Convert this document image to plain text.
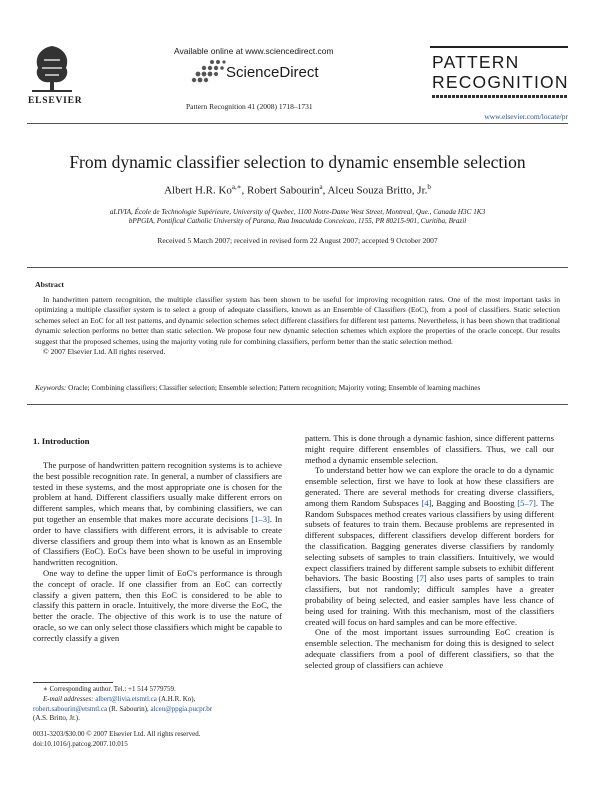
ELSEVIER
Available online at www.sciencedirect.com
ScienceDirect
Pattern Recognition 41 (2008) 1718–1731
PATTERN
RECOGNITION
www.elsevier.com/locate/pr
From dynamic classifier selection to dynamic ensemble selection
Albert H.R. $Ko^{a,∗}$, Robert Sabourin$^a$, Alceu Souza Britto, Jr.$^b$
aLIVIA, École de Technologie Supérieure, University of Quebec, 1100 Notre-Dame West Street, Montreal, Que., Canada H3C 1K3
bPPGIA, Pontifical Catholic University of Parana, Rua Imaculada Conceicao, 1155, PR 80215-901, Curitiba, Brazil
Received 5 March 2007; received in revised form 22 August 2007; accepted 9 October 2007
Abstract

In handwritten pattern recognition, the multiple classifier system has been shown to be useful for improving recognition rates. One of the most important tasks in optimizing a multiple classifier system is to select a group of adequate classifiers, known as an Ensemble of Classifiers (EoC), from a pool of classifiers. Static selection schemes select an EoC for all test patterns, and dynamic selection schemes select different classifiers for different test patterns. Nevertheless, it has been shown that traditional dynamic selection performs no better than static selection. We propose four new dynamic selection schemes which explore the properties of the oracle concept. Our results suggest that the proposed schemes, using the majority voting rule for combining classifiers, perform better than the static selection method.

© 2007 Elsevier Ltd. All rights reserved.

Keywords: Oracle; Combining classifiers; Classifier selection; Ensemble selection; Pattern recognition; Majority voting; Ensemble of learning machines
1. Introduction

The purpose of handwritten pattern recognition systems is to achieve the best possible recognition rate. In general, a number of classifiers are tested in these systems, and the most appropriate one is chosen for the problem at hand. Different classifiers usually make different errors on different samples, which means that, by combining classifiers, we can put together an ensemble that makes more accurate decisions [1–3]. In order to have classifiers with different errors, it is advisable to create diverse classifiers and group them into what is known as an Ensemble of Classifiers (EoC). EoCs have been shown to be useful in improving handwritten recognition.

One way to define the upper limit of EoC's performance is through the concept of oracle. If one classifier from an EoC can correctly classify a given pattern, then this EoC is considered to be able to classify this pattern in oracle. Intuitively, the more diverse the EoC, the better the oracle. The objective of this work is to use the nature of oracle, so we can only select those classifiers which might be capable to correctly classify a given

pattern. This is done through a dynamic fashion, since different patterns might require different ensembles of classifiers. Thus, we call our method a dynamic ensemble selection.

To understand better how we can explore the oracle to do a dynamic ensemble selection, first we have to look at how these classifiers are generated. There are several methods for creating diverse classifiers, among them Random Subspaces [4], Bagging and Boosting [5–7]. The Random Subspaces method creates various classifiers by using different subsets of features to train them. Because problems are represented in different subspaces, different classifiers develop different borders for the classification. Bagging generates diverse classifiers by randomly selecting subsets of samples to train classifiers. Intuitively, we would expect classifiers trained by different sample subsets to exhibit different behaviors. The basic Boosting [7] also uses parts of samples to train classifiers, but not randomly; difficult samples have a greater probability of being selected, and easier samples have less chance of being used for training. With this mechanism, most of the classifiers created will focus on hard samples and can be more effective.

One of the most important issues surrounding EoC creation is ensemble selection. The mechanism for doing this is designed to select adequate classifiers from a pool of different classifiers, so that the selected group of classifiers can achieve

∗ Corresponding author. Tel.: +1 514 5779759.
E-mail addresses: albert@livia.etsmtl.ca (A.H.R. Ko),
robert.sabourin@etsmtl.ca (R. Sabourin), alceu@ppgia.pucpr.br
(A.S. Britto, Jr.).
0031-3203/$30.00 © 2007 Elsevier Ltd. All rights reserved.
doi:10.1016/j.patcog.2007.10.015
